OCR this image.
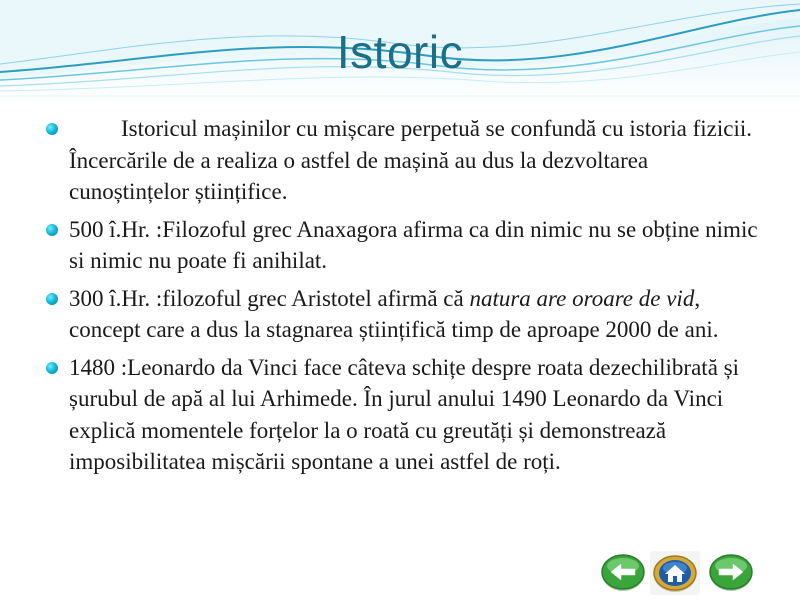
Istoric
Istoricul mașinilor cu mișcare perpetuă se confundă cu istoria fizicii. Încercările de a realiza o astfel de mașină au dus la dezvoltarea cunoștințelor științifice.
500 î.Hr. :Filozoful grec Anaxagora afirma ca din nimic nu se obține nimic si nimic nu poate fi anihilat.
300 î.Hr. :filozoful grec Aristotel afirmă că natura are oroare de vid, concept care a dus la stagnarea științifică timp de aproape 2000 de ani.
1480 :Leonardo da Vinci face câteva schițe despre roata dezechilibrată și șurubul de apă al lui Arhimede. În jurul anului 1490 Leonardo da Vinci explică momentele forțelor la o roată cu greutăți și demonstrează imposibilitatea mișcării spontane a unei astfel de roți.
